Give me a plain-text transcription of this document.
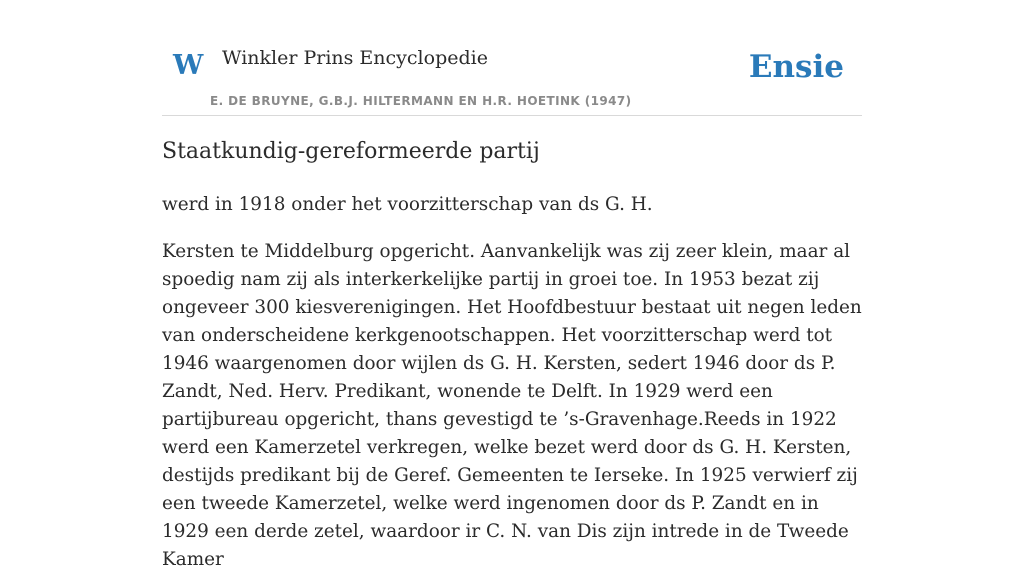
W Winkler Prins Encyclopedie
E. DE BRUYNE, G.B.J. HILTERMANN EN H.R. HOETINK (1947)
Ensie
Staatkundig-gereformeerde partij

werd in 1918 onder het voorzitterschap van ds G. H.

Kersten te Middelburg opgericht. Aanvankelijk was zij zeer klein, maar al spoedig nam zij als interkerkelijke partij in groei toe. In 1953 bezat zij ongeveer 300 kiesverenigingen. Het Hoofdbestuur bestaat uit negen leden van onderscheidene kerkgenootschappen. Het voorzitterschap werd tot 1946 waargenomen door wijlen ds G. H. Kersten, sedert 1946 door ds P. Zandt, Ned. Herv. Predikant, wonende te Delft. In 1929 werd een partijbureau opgericht, thans gevestigd te ’s-Gravenhage.Reeds in 1922 werd een Kamerzetel verkregen, welke bezet werd door ds G. H. Kersten, destijds predikant bij de Geref. Gemeenten te Ierseke. In 1925 verwierf zij een tweede Kamerzetel, welke werd ingenomen door ds P. Zandt en in 1929 een derde zetel, waardoor ir C. N. van Dis zijn intrede in de Tweede Kamer
